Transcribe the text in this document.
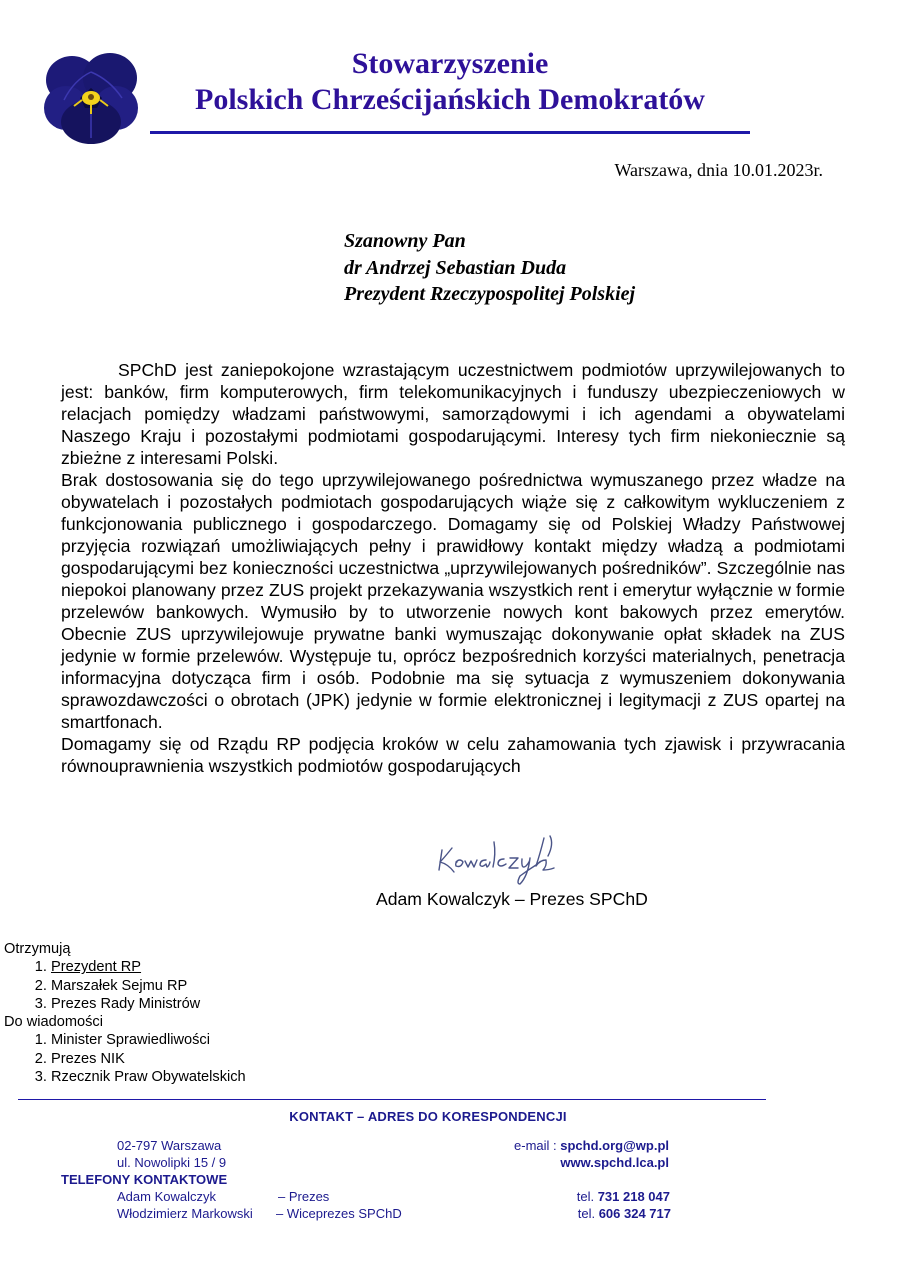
Stowarzyszenie
Polskich Chrześcijańskich Demokratów
Warszawa, dnia 10.01.2023r.
Szanowny Pan
dr Andrzej Sebastian Duda
Prezydent Rzeczypospolitej Polskiej

SPChD jest zaniepokojone wzrastającym uczestnictwem podmiotów uprzywilejowanych to jest: banków, firm komputerowych, firm telekomunikacyjnych i funduszy ubezpieczeniowych w relacjach pomiędzy władzami państwowymi, samorządowymi i ich agendami a obywatelami Naszego Kraju i pozostałymi podmiotami gospodarującymi. Interesy tych firm niekoniecznie są zbieżne z interesami Polski.

Brak dostosowania się do tego uprzywilejowanego pośrednictwa wymuszanego przez władze na obywatelach i pozostałych podmiotach gospodarujących wiąże się z całkowitym wykluczeniem z funkcjonowania publicznego i gospodarczego. Domagamy się od Polskiej Władzy Państwowej przyjęcia rozwiązań umożliwiających pełny i prawidłowy kontakt między władzą a podmiotami gospodarującymi bez konieczności uczestnictwa „uprzywilejowanych pośredników”. Szczególnie nas niepokoi planowany przez ZUS projekt przekazywania wszystkich rent i emerytur wyłącznie w formie przelewów bankowych. Wymusiło by to utworzenie nowych kont bakowych przez emerytów. Obecnie ZUS uprzywilejowuje prywatne banki wymuszając dokonywanie opłat składek na ZUS jedynie w formie przelewów. Występuje tu, oprócz bezpośrednich korzyści materialnych, penetracja informacyjna dotycząca firm i osób. Podobnie ma się sytuacja z wymuszeniem dokonywania sprawozdawczości o obrotach (JPK) jedynie w formie elektronicznej i legitymacji z ZUS opartej na smartfonach.

Domagamy się od Rządu RP podjęcia kroków w celu zahamowania tych zjawisk i przywracania równouprawnienia wszystkich podmiotów gospodarujących

Adam Kowalczyk – Prezes SPChD
Otrzymują
1. Prezydent RP
2. Marszałek Sejmu RP
3. Prezes Rady Ministrów
Do wiadomości
1. Minister Sprawiedliwości
2. Prezes NIK
3. Rzecznik Praw Obywatelskich
KONTAKT – ADRES DO KORESPONDENCJI
02-797 Warszawa
ul. Nowolipki 15 / 9
TELEFONY KONTAKTOWE
Adam Kowalczyk	– Prezes
Włodzimierz Markowski – Wiceprezes SPChD
e-mail : spchd.org@wp.pl
www.spchd.lca.pl
tel. 731 218 047
tel. 606 324 717
